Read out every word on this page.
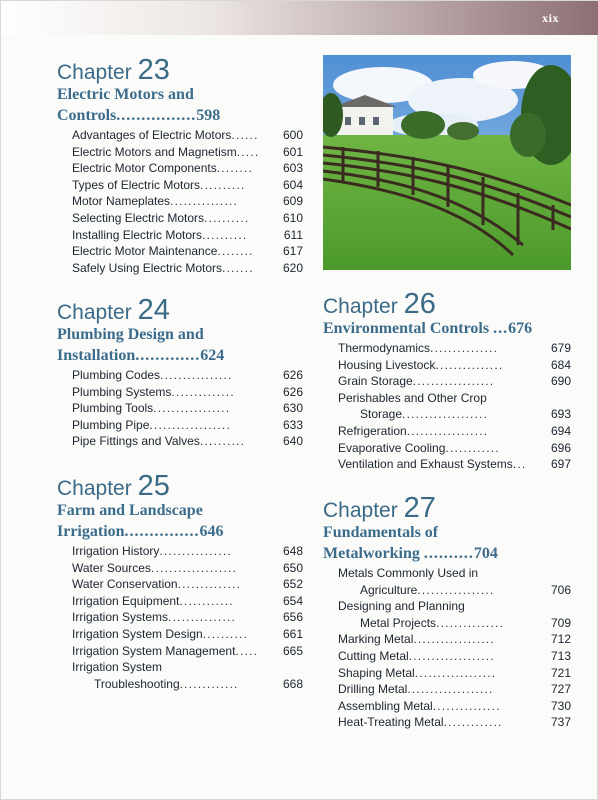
xix
Chapter 23
Electric Motors and
Controls................598
Advantages of Electric Motors ......	600
Electric Motors and Magnetism .....	601
Electric Motor Components ........	603
Types of Electric Motors ..........	604
Motor Nameplates ...............	609
Selecting Electric Motors ..........	610
Installing Electric Motors ..........	611
Electric Motor Maintenance ........	617
Safely Using Electric Motors .......	620
Chapter 24
Plumbing Design and
Installation.............624
Plumbing Codes ................	626
Plumbing Systems ..............	626
Plumbing Tools .................	630
Plumbing Pipe ..................	633
Pipe Fittings and Valves ..........	640
Chapter 25
Farm and Landscape
Irrigation...............646
Irrigation History ................	648
Water Sources ...................	650
Water Conservation ..............	652
Irrigation Equipment ............	654
Irrigation Systems ...............	656
Irrigation System Design ..........	661
Irrigation System Management .....	665
Irrigation System
Troubleshooting .............	668
Chapter 26
Environmental Controls ...676
Thermodynamics ...............	679
Housing Livestock ...............	684
Grain Storage ..................	690
Perishables and Other Crop
Storage ...................	693
Refrigeration ..................	694
Evaporative Cooling ............	696
Ventilation and Exhaust Systems ...	697
Chapter 27
Fundamentals of
Metalworking ..........704
Metals Commonly Used in
Agriculture .................	706
Designing and Planning
Metal Projects ...............	709
Marking Metal ..................	712
Cutting Metal ...................	713
Shaping Metal ..................	721
Drilling Metal ...................	727
Assembling Metal ...............	730
Heat-Treating Metal .............	737
